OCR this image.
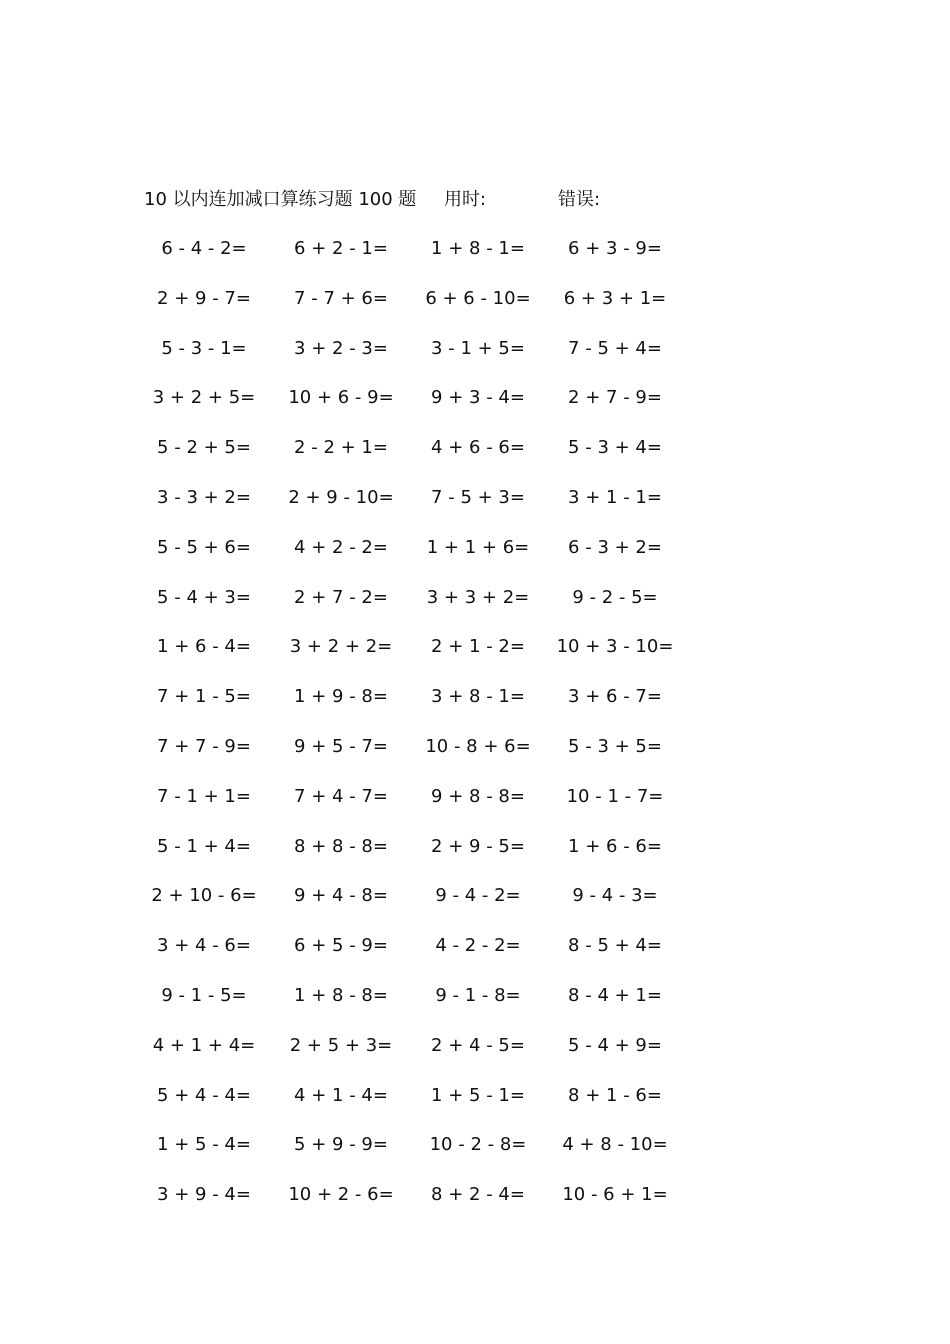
10 以内连加减口算练习题 100 题 用时:	错误:
6 - 4 - 2=	6 + 2 - 1=	1 + 8 - 1=	6 + 3 - 9=
2 + 9 - 7=	7 - 7 + 6=	6 + 6 - 10=	6 + 3 + 1=
5 - 3 - 1=	3 + 2 - 3=	3 - 1 + 5=	7 - 5 + 4=
3 + 2 + 5=	10 + 6 - 9=	9 + 3 - 4=	2 + 7 - 9=
5 - 2 + 5=	2 - 2 + 1=	4 + 6 - 6=	5 - 3 + 4=
3 - 3 + 2=	2 + 9 - 10=	7 - 5 + 3=	3 + 1 - 1=
5 - 5 + 6=	4 + 2 - 2=	1 + 1 + 6=	6 - 3 + 2=
5 - 4 + 3=	2 + 7 - 2=	3 + 3 + 2=	9 - 2 - 5=
1 + 6 - 4=	3 + 2 + 2=	2 + 1 - 2=	10 + 3 - 10=
7 + 1 - 5=	1 + 9 - 8=	3 + 8 - 1=	3 + 6 - 7=
7 + 7 - 9=	9 + 5 - 7=	10 - 8 + 6=	5 - 3 + 5=
7 - 1 + 1=	7 + 4 - 7=	9 + 8 - 8=	10 - 1 - 7=
5 - 1 + 4=	8 + 8 - 8=	2 + 9 - 5=	1 + 6 - 6=
2 + 10 - 6=	9 + 4 - 8=	9 - 4 - 2=	9 - 4 - 3=
3 + 4 - 6=	6 + 5 - 9=	4 - 2 - 2=	8 - 5 + 4=
9 - 1 - 5=	1 + 8 - 8=	9 - 1 - 8=	8 - 4 + 1=
4 + 1 + 4=	2 + 5 + 3=	2 + 4 - 5=	5 - 4 + 9=
5 + 4 - 4=	4 + 1 - 4=	1 + 5 - 1=	8 + 1 - 6=
1 + 5 - 4=	5 + 9 - 9=	10 - 2 - 8=	4 + 8 - 10=
3 + 9 - 4=	10 + 2 - 6=	8 + 2 - 4=	10 - 6 + 1=
